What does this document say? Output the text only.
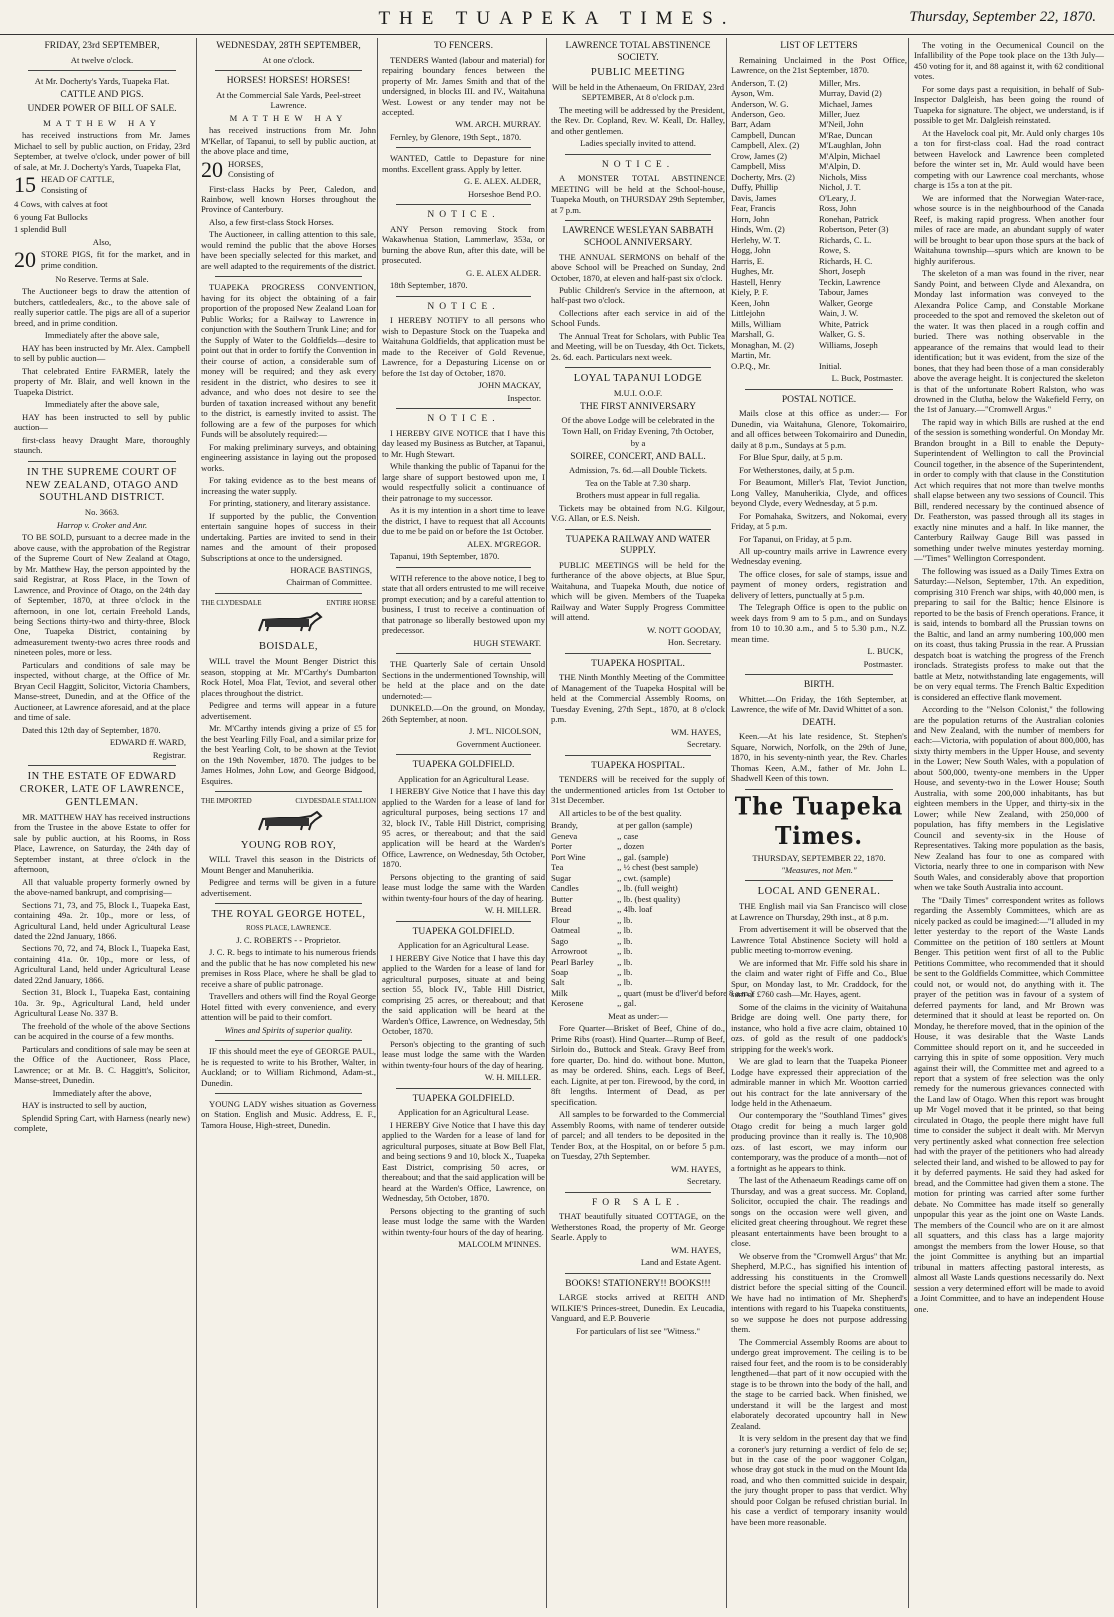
THE TUAPEKA TIMES.	Thursday, September 22, 1870.
FRIDAY, 23rd SEPTEMBER,
At twelve o'clock.
At Mr. Docherty's Yards, Tuapeka Flat.
CATTLE AND PIGS.
UNDER POWER OF BILL OF SALE.
MATTHEW HAY
has received instructions from Mr. James Michael to sell by public auction, on Friday, 23rd September, at twelve o'clock, under power of bill of sale, at Mr. J. Docherty's Yards, Tuapeka Flat,
15 HEAD OF CATTLE,
Consisting of
4 Cows, with calves at foot
6 young Fat Bullocks
1 splendid Bull
Also,
20 STORE PIGS, fit for the market, and in prime condition.
No Reserve. Terms at Sale.
The Auctioneer begs to draw the attention of butchers, cattledealers, &c., to the above sale of really superior cattle. The pigs are all of a superior breed, and in prime condition.
Immediately after the above sale,
HAY has been instructed by Mr. Alex. Campbell to sell by public auction—
That celebrated Entire FARMER, lately the property of Mr. Blair, and well known in the Tuapeka District.
Immediately after the above sale,
HAY has been instructed to sell by public auction—
first-class heavy Draught Mare, thoroughly staunch.
IN THE SUPREME COURT OF NEW ZEALAND, OTAGO AND SOUTHLAND DISTRICT.
No. 3663.
Harrop v. Croker and Anr.
TO BE SOLD, pursuant to a decree made in the above cause, with the approbation of the Registrar of the Supreme Court of New Zealand at Otago, by Mr. Matthew Hay, the person appointed by the said Registrar, at Ross Place, in the Town of Lawrence, and Province of Otago, on the 24th day of September, 1870, at three o'clock in the afternoon, in one lot, certain Freehold Lands, being Sections thirty-two and thirty-three, Block One, Tuapeka District, containing by admeasurement twenty-two acres three roods and nineteen poles, more or less.
Particulars and conditions of sale may be inspected, without charge, at the Office of Mr. Bryan Cecil Haggitt, Solicitor, Victoria Chambers, Manse-street, Dunedin, and at the Office of the Auctioneer, at Lawrence aforesaid, and at the place and time of sale.
Dated this 12th day of September, 1870.
EDWARD ff. WARD,
Registrar.
IN THE ESTATE OF EDWARD CROKER, LATE OF LAWRENCE, GENTLEMAN.
MR. MATTHEW HAY has received instructions from the Trustee in the above Estate to offer for sale by public auction, at his Rooms, in Ross Place, Lawrence, on Saturday, the 24th day of September instant, at three o'clock in the afternoon,
All that valuable property formerly owned by the above-named bankrupt, and comprising—
Sections 71, 73, and 75, Block I., Tuapeka East, containing 49a. 2r. 10p., more or less, of Agricultural Land, held under Agricultural Lease dated the 22nd January, 1866.
Sections 70, 72, and 74, Block I., Tuapeka East, containing 41a. 0r. 10p., more or less, of Agricultural Land, held under Agricultural Lease dated 22nd January, 1866.
Section 31, Block I., Tuapeka East, containing 10a. 3r. 9p., Agricultural Land, held under Agricultural Lease No. 337 B.
The freehold of the whole of the above Sections can be acquired in the course of a few months.
Particulars and conditions of sale may be seen at the Office of the Auctioneer, Ross Place, Lawrence; or at Mr. B. C. Haggitt's, Solicitor, Manse-street, Dunedin.
Immediately after the above,
HAY is instructed to sell by auction,
Splendid Spring Cart, with Harness (nearly new) complete,
WEDNESDAY, 28TH SEPTEMBER,
At one o'clock.
HORSES! HORSES! HORSES!
At the Commercial Sale Yards, Peel-street Lawrence.
MATTHEW HAY
has received instructions from Mr. John M'Kellar, of Tapanui, to sell by public auction, at the above place and time,
20 HORSES,
Consisting of
First-class Hacks by Peer, Caledon, and Rainbow, well known Horses throughout the Province of Canterbury.
Also, a few first-class Stock Horses.
The Auctioneer, in calling attention to this sale, would remind the public that the above Horses have been specially selected for this market, and are well adapted to the requirements of the district.
TUAPEKA PROGRESS CONVENTION, having for its object the obtaining of a fair proportion of the proposed New Zealand Loan for Public Works; for a Railway to Lawrence in conjunction with the Southern Trunk Line; and for the Supply of Water to the Goldfields—desire to point out that in order to fortify the Convention in their course of action, a considerable sum of money will be required; and they ask every resident in the district, who desires to see it advance, and who does not desire to see the burden of taxation increased without any benefit to the district, is earnestly invited to assist. The following are a few of the purposes for which Funds will be absolutely required:—
For making preliminary surveys, and obtaining engineering assistance in laying out the proposed works.
For taking evidence as to the best means of increasing the water supply.
For printing, stationery, and literary assistance.
If supported by the public, the Convention entertain sanguine hopes of success in their undertaking. Parties are invited to send in their names and the amount of their proposed Subscriptions at once to the undersigned.
HORACE BASTINGS,
Chairman of Committee.
THE CLYDESDALE	ENTIRE HORSE
BOISDALE,
WILL travel the Mount Benger District this season, stopping at Mr. M'Carthy's Dumbarton Rock Hotel, Moa Flat, Teviot, and several other places throughout the district.
Pedigree and terms will appear in a future advertisement.
Mr. M'Carthy intends giving a prize of £5 for the best Yearling Filly Foal, and a similar prize for the best Yearling Colt, to be shown at the Teviot on the 19th November, 1870. The judges to be James Holmes, John Low, and George Bidgood, Esquires.
THE IMPORTED	CLYDESDALE STALLION
YOUNG ROB ROY,
WILL Travel this season in the Districts of Mount Benger and Manuherikia.
Pedigree and terms will be given in a future advertisement.
THE ROYAL GEORGE HOTEL,
ROSS PLACE, LAWRENCE.
J. C. ROBERTS - - Proprietor.
J. C. R. begs to intimate to his numerous friends and the public that he has now completed his new premises in Ross Place, where he shall be glad to receive a share of public patronage.
Travellers and others will find the Royal George Hotel fitted with every convenience, and every attention will be paid to their comfort.
Wines and Spirits of superior quality.
IF this should meet the eye of GEORGE PAUL, he is requested to write to his Brother, Walter, in Auckland; or to William Richmond, Adam-st., Dunedin.
YOUNG LADY wishes situation as Governess on Station. English and Music. Address, E. F., Tamora House, High-street, Dunedin.
TO FENCERS.
TENDERS Wanted (labour and material) for repairing boundary fences between the property of Mr. James Smith and that of the undersigned, in blocks III. and IV., Waitahuna West. Lowest or any tender may not be accepted.
WM. ARCH. MURRAY.
Fernley, by Glenore, 19th Sept., 1870.
WANTED, Cattle to Depasture for nine months. Excellent grass. Apply by letter.
G. E. ALEX. ALDER,
Horseshoe Bend P.O.
NOTICE.
ANY Person removing Stock from Wakawhenua Station, Lammerlaw, 353a, or burning the above Run, after this date, will be prosecuted.
G. E. ALEX ALDER.
18th September, 1870.
NOTICE.
I HEREBY NOTIFY to all persons who wish to Depasture Stock on the Tuapeka and Waitahuna Goldfields, that application must be made to the Receiver of Gold Revenue, Lawrence, for a Depasturing License on or before the 1st day of October, 1870.
JOHN MACKAY,
Inspector.
NOTICE.
I HEREBY GIVE NOTICE that I have this day leased my Business as Butcher, at Tapanui, to Mr. Hugh Stewart.
While thanking the public of Tapanui for the large share of support bestowed upon me, I would respectfully solicit a continuance of their patronage to my successor.
As it is my intention in a short time to leave the district, I have to request that all Accounts due to me be paid on or before the 1st October.
ALEX. M'GREGOR.
Tapanui, 19th September, 1870.
WITH reference to the above notice, I beg to state that all orders entrusted to me will receive prompt execution; and by a careful attention to business, I trust to receive a continuation of that patronage so liberally bestowed upon my predecessor.
HUGH STEWART.
THE Quarterly Sale of certain Unsold Sections in the undermentioned Township, will be held at the place and on the date undernoted:—
DUNKELD.—On the ground, on Monday, 26th September, at noon.
J. M'L. NICOLSON,
Government Auctioneer.
TUAPEKA GOLDFIELD.
Application for an Agricultural Lease.
I HEREBY Give Notice that I have this day applied to the Warden for a lease of land for agricultural purposes, being sections 17 and 32, block IV., Table Hill District, comprising 95 acres, or thereabout; and that the said application will be heard at the Warden's Office, Lawrence, on Wednesday, 5th October, 1870.
Persons objecting to the granting of said lease must lodge the same with the Warden within twenty-four hours of the day of hearing.
W. H. MILLER.
TUAPEKA GOLDFIELD.
Application for an Agricultural Lease.
I HEREBY Give Notice that I have this day applied to the Warden for a lease of land for agricultural purposes, situate at and being section 55, block IV., Table Hill District, comprising 25 acres, or thereabout; and that the said application will be heard at the Warden's Office, Lawrence, on Wednesday, 5th October, 1870.
Person's objecting to the granting of such lease must lodge the same with the Warden within twenty-four hours of the day of hearing.
W. H. MILLER.
TUAPEKA GOLDFIELD.
Application for an Agricultural Lease.
I HEREBY Give Notice that I have this day applied to the Warden for a lease of land for agricultural purposes, situate at Bow Bell Flat, and being sections 9 and 10, block X., Tuapeka East District, comprising 50 acres, or thereabout; and that the said application will be heard at the Warden's Office, Lawrence, on Wednesday, 5th October, 1870.
Persons objecting to the granting of such lease must lodge the same with the Warden within twenty-four hours of the day of hearing.
MALCOLM M'INNES.
LAWRENCE TOTAL ABSTINENCE SOCIETY.
PUBLIC MEETING
Will be held in the Athenaeum, On FRIDAY, 23rd SEPTEMBER, At 8 o'clock p.m.
The meeting will be addressed by the President, the Rev. Dr. Copland, Rev. W. Keall, Dr. Halley, and other gentlemen.
Ladies specially invited to attend.
NOTICE.
A MONSTER TOTAL ABSTINENCE MEETING will be held at the School-house, Tuapeka Mouth, on THURSDAY 29th September, at 7 p.m.
LAWRENCE WESLEYAN SABBATH SCHOOL ANNIVERSARY.
THE ANNUAL SERMONS on behalf of the above School will be Preached on Sunday, 2nd October, 1870, at eleven and half-past six o'clock.
Public Children's Service in the afternoon, at half-past two o'clock.
Collections after each service in aid of the School Funds.
The Annual Treat for Scholars, with Public Tea and Meeting, will be on Tuesday, 4th Oct. Tickets, 2s. 6d. each. Particulars next week.
LOYAL TAPANUI LODGE
M.U.I. O.O.F.
THE FIRST ANNIVERSARY
Of the above Lodge will be celebrated in the Town Hall, on Friday Evening, 7th October,
by a
SOIREE, CONCERT, AND BALL.
Admission, 7s. 6d.—all Double Tickets.
Tea on the Table at 7.30 sharp.
Brothers must appear in full regalia.
Tickets may be obtained from N.G. Kilgour, V.G. Allan, or E.S. Neish.
TUAPEKA RAILWAY AND WATER SUPPLY.
PUBLIC MEETINGS will be held for the furtherance of the above objects, at Blue Spur, Waitahuna, and Tuapeka Mouth, due notice of which will be given. Members of the Tuapeka Railway and Water Supply Progress Committee will attend.
W. NOTT GOODAY,
Hon. Secretary.
TUAPEKA HOSPITAL.
THE Ninth Monthly Meeting of the Committee of Management of the Tuapeka Hospital will be held at the Commercial Assembly Rooms, on Tuesday Evening, 27th Sept., 1870, at 8 o'clock p.m.
WM. HAYES,
Secretary.
TUAPEKA HOSPITAL.
TENDERS will be received for the supply of the undermentioned articles from 1st October to 31st December.
All articles to be of the best quality.
Brandy,	at per gallon (sample)
Geneva	,, case
Porter	,, dozen
Port Wine	,, gal. (sample)
Tea	,, ½ chest (best sample)
Sugar	,, cwt. (sample)
Candles	,, lb. (full weight)
Butter	,, lb. (best quality)
Bread	,, 4lb. loaf
Flour	,, lb.
Oatmeal	,, lb.
Sago	,, lb.
Arrowroot	,, lb.
Pearl Barley	,, lb.
Soap	,, lb.
Salt	,, lb.
Milk	,, quart (must be d'liver'd before 8 a.m.)
Kerosene	,, gal.
Meat as under:—
Fore Quarter—Brisket of Beef, Chine of do., Prime Ribs (roast). Hind Quarter—Rump of Beef, Sirloin do., Buttock and Steak. Gravy Beef from fore quarter, Do. hind do. without bone. Mutton, as may be ordered. Shins, each. Legs of Beef, each. Lignite, at per ton. Firewood, by the cord, in 8ft lengths. Interment of Dead, as per specification.
All samples to be forwarded to the Commercial Assembly Rooms, with name of tenderer outside of parcel; and all tenders to be deposited in the Tender Box, at the Hospital, on or before 5 p.m. on Tuesday, 27th September.
WM. HAYES,
Secretary.
FOR SALE.
THAT beautifully situated COTTAGE, on the Wetherstones Road, the property of Mr. George Searle. Apply to
WM. HAYES,
Land and Estate Agent.
BOOKS! STATIONERY!! BOOKS!!!
LARGE stocks arrived at REITH AND WILKIE'S Princes-street, Dunedin. Ex Leucadia, Vanguard, and E.P. Bouverie
For particulars of list see "Witness."
LIST OF LETTERS
Remaining Unclaimed in the Post Office, Lawrence, on the 21st September, 1870.
Anderson, T. (2)
Ayson, Wm.
Anderson, W. G.
Anderson, Geo.
Barr, Adam
Campbell, Duncan
Campbell, Alex. (2)
Crow, James (2)
Campbell, Miss
Docherty, Mrs. (2)
Duffy, Phillip
Davis, James
Fear, Francis
Horn, John
Hinds, Wm. (2)
Herlehy, W. T.
Hogg, John
Harris, E.
Hughes, Mr.
Hastell, Henry
Kiely, P. F.
Keen, John
Littlejohn
Mills, William
Marshall, G.
Monaghan, M. (2)
Martin, Mr.
O.P.Q., Mr.
Miller, Mrs.
Murray, David (2)
Michael, James
Miller, Juez
M'Neil, John
M'Rae, Duncan
M'Laughlan, John
M'Alpin, Michael
M'Alpin, D.
Nichols, Miss
Nichol, J. T.
O'Leary, J.
Ross, John
Ronehan, Patrick
Robertson, Peter (3)
Richards, C. L.
Rowe, S.
Richards, H. C.
Short, Joseph
Teckin, Lawrence
Tabour, James
Walker, George
Wain, J. W.
White, Patrick
Walker, G. S.
Williams, Joseph

Initial.
L. Buck, Postmaster.
POSTAL NOTICE.
Mails close at this office as under:— For Dunedin, via Waitahuna, Glenore, Tokomairiro, and all offices between Tokomairiro and Dunedin, daily at 8 p.m., Sundays at 5 p.m.
For Blue Spur, daily, at 5 p.m.
For Wetherstones, daily, at 5 p.m.
For Beaumont, Miller's Flat, Teviot Junction, Long Valley, Manuherikia, Clyde, and offices beyond Clyde, every Wednesday, at 5 p.m.
For Pomahaka, Switzers, and Nokomai, every Friday, at 5 p.m.
For Tapanui, on Friday, at 5 p.m.
All up-country mails arrive in Lawrence every Wednesday evening.
The office closes, for sale of stamps, issue and payment of money orders, registration and delivery of letters, punctually at 5 p.m.
The Telegraph Office is open to the public on week days from 9 am to 5 p.m., and on Sundays from 10 to 10.30 a.m., and 5 to 5.30 p.m., N.Z. mean time.
L. BUCK,
Postmaster.
BIRTH.
Whittet.—On Friday, the 16th September, at Lawrence, the wife of Mr. David Whittet of a son.
DEATH.
Keen.—At his late residence, St. Stephen's Square, Norwich, Norfolk, on the 29th of June, 1870, in his seventy-ninth year, the Rev. Charles Thomas Keen, A.M., father of Mr. John L. Shadwell Keen of this town.
The Tuapeka Times.
THURSDAY, SEPTEMBER 22, 1870.
"Measures, not Men."
LOCAL AND GENERAL.
THE English mail via San Francisco will close at Lawrence on Thursday, 29th inst., at 8 p.m.
From advertisement it will be observed that the Lawrence Total Abstinence Society will hold a public meeting to-morrow evening.
We are informed that Mr. Fiffe sold his share in the claim and water right of Fiffe and Co., Blue Spur, on Monday last, to Mr. Craddock, for the sum of £760 cash—Mr. Hayes, agent.
Some of the claims in the vicinity of Waitahuna Bridge are doing well. One party there, for instance, who hold a five acre claim, obtained 10 ozs. of gold as the result of one paddock's stripping for the week's work.
We are glad to learn that the Tuapeka Pioneer Lodge have expressed their appreciation of the admirable manner in which Mr. Wootton carried out his contract for the late anniversary of the lodge held in the Athenaeum.
Our contemporary the "Southland Times" gives Otago credit for being a much larger gold producing province than it really is. The 10,908 ozs. of last escort, we may inform our contemporary, was the produce of a month—not of a fortnight as he appears to think.
The last of the Athenaeum Readings came off on Thursday, and was a great success. Mr. Copland, Solicitor, occupied the chair. The readings and songs on the occasion were well given, and elicited great cheering throughout. We regret these pleasant entertainments have been brought to a close.
We observe from the "Cromwell Argus" that Mr. Shepherd, M.P.C., has signified his intention of addressing his constituents in the Cromwell district before the special sitting of the Council. We have had no intimation of Mr. Shepherd's intentions with regard to his Tuapeka constituents, so we suppose he does not purpose addressing them.
The Commercial Assembly Rooms are about to undergo great improvement. The ceiling is to be raised four feet, and the room is to be considerably lengthened—that part of it now occupied with the stage is to be thrown into the body of the hall, and the stage to be carried back. When finished, we understand it will be the largest and most elaborately decorated upcountry hall in New Zealand.
It is very seldom in the present day that we find a coroner's jury returning a verdict of felo de se; but in the case of the poor waggoner Colgan, whose dray got stuck in the mud on the Mount Ida road, and who then committed suicide in despair, the jury thought proper to pass that verdict. Why should poor Colgan be refused christian burial. In his case a verdict of temporary insanity would have been more reasonable.
The voting in the Oecumenical Council on the Infallibility of the Pope took place on the 13th July—450 voting for it, and 88 against it, with 62 conditional votes.
For some days past a requisition, in behalf of Sub-Inspector Dalgleish, has been going the round of Tuapeka for signature. The object, we understand, is if possible to get Mr. Dalgleish reinstated.
At the Havelock coal pit, Mr. Auld only charges 10s a ton for first-class coal. Had the road contract between Havelock and Lawrence been completed before the winter set in, Mr. Auld would have been competing with our Lawrence coal merchants, whose charge is 15s a ton at the pit.
We are informed that the Norwegian Water-race, whose source is in the neighbourhood of the Canada Reef, is making rapid progress. When another four miles of race are made, an abundant supply of water will be brought to bear upon those spurs at the back of Waitahuna township—spurs which are known to be highly auriferous.
The skeleton of a man was found in the river, near Sandy Point, and between Clyde and Alexandra, on Monday last information was conveyed to the Alexandra Police Camp, and Constable Morkane proceeded to the spot and removed the skeleton out of the water. It was then placed in a rough coffin and buried. There was nothing observable in the appearance of the remains that would lead to their identification; but it was evident, from the size of the bones, that they had been those of a man considerably above the average height. It is conjectured the skeleton is that of the unfortunate Robert Ralston, who was drowned in the Clutha, below the Wakefield Ferry, on the 1st of January.—"Cromwell Argus."
The rapid way in which Bills are rushed at the end of the session is something wonderful. On Monday Mr. Brandon brought in a Bill to enable the Deputy-Superintendent of Wellington to call the Provincial Council together, in the absence of the Superintendent, in order to comply with that clause in the Constitution Act which requires that not more than twelve months shall elapse between any two sessions of Council. This Bill, rendered necessary by the continued absence of Dr. Featherston, was passed through all its stages in exactly nine minutes and a half. In like manner, the Canterbury Railway Gauge Bill was passed in something under twelve minutes yesterday morning.—"Times" Wellington Correspondent.
The following was issued as a Daily Times Extra on Saturday:—Nelson, September, 17th. An expedition, comprising 310 French war ships, with 40,000 men, is preparing to sail for the Baltic; hence Elsinore is reported to be the basis of French operations. France, it is said, intends to bombard all the Prussian towns on the Baltic, and land an army numbering 100,000 men on its coast, thus taking Prussia in the rear. A Prussian despatch boat is watching the progress of the French ironclads. Strategists profess to make out that the battle at Metz, notwithstanding late engagements, will be on very equal terms. The French Baltic Expedition is considered an effective flank movement.
According to the "Nelson Colonist," the following are the population returns of the Australian colonies and New Zealand, with the number of members for each:—Victoria, with population of about 800,000, has sixty thirty members in the Upper House, and seventy in the Lower; New South Wales, with a population of about 500,000, twenty-one members in the Upper House, and seventy-two in the Lower House; South Australia, with some 200,000 inhabitants, has but eighteen members in the Upper, and thirty-six in the Lower; while New Zealand, with 250,000 of population, has fifty members in the Legislative Council and seventy-six in the House of Representatives. Taking more population as the basis, New Zealand has four to one as compared with Victoria, nearly three to one in comparison with New South Wales, and considerably above that proportion when we take South Australia into account.
The "Daily Times" correspondent writes as follows regarding the Assembly Committees, which are as nicely packed as could be imagined:—"I alluded in my letter yesterday to the report of the Waste Lands Committee on the petition of 180 settlers at Mount Benger. This petition went first of all to the Public Petitions Committee, who recommended that it should be sent to the Goldfields Committee, which Committee could not, or would not, do anything with it. The prayer of the petition was in favour of a system of deferred payments for land, and Mr Brown was determined that it should at least be reported on. On Monday, he therefore moved, that in the opinion of the House, it was desirable that the Waste Lands Committee should report on it, and he succeeded in carrying this in spite of some opposition. Very much against their will, the Committee met and agreed to a report that a system of free selection was the only remedy for the numerous grievances connected with the Land law of Otago. When this report was brought up Mr Vogel moved that it be printed, so that being circulated in Otago, the people there might have full time to consider the subject it dealt with. Mr Mervyn very pertinently asked what connection free selection had with the prayer of the petitioners who had already selected their land, and wished to be allowed to pay for it by deferred payments. He said they had asked for bread, and the Committee had given them a stone. The motion for printing was carried after some further debate. No Committee has made itself so generally unpopular this year as the joint one on Waste Lands. The members of the Council who are on it are almost all squatters, and this class has a large majority amongst the members from the lower House, so that the joint Committee is anything but an impartial tribunal in matters affecting pastoral interests, as almost all Waste Lands questions necessarily do. Next session a very determined effort will be made to avoid a Joint Committee, and to have an independent House one.
